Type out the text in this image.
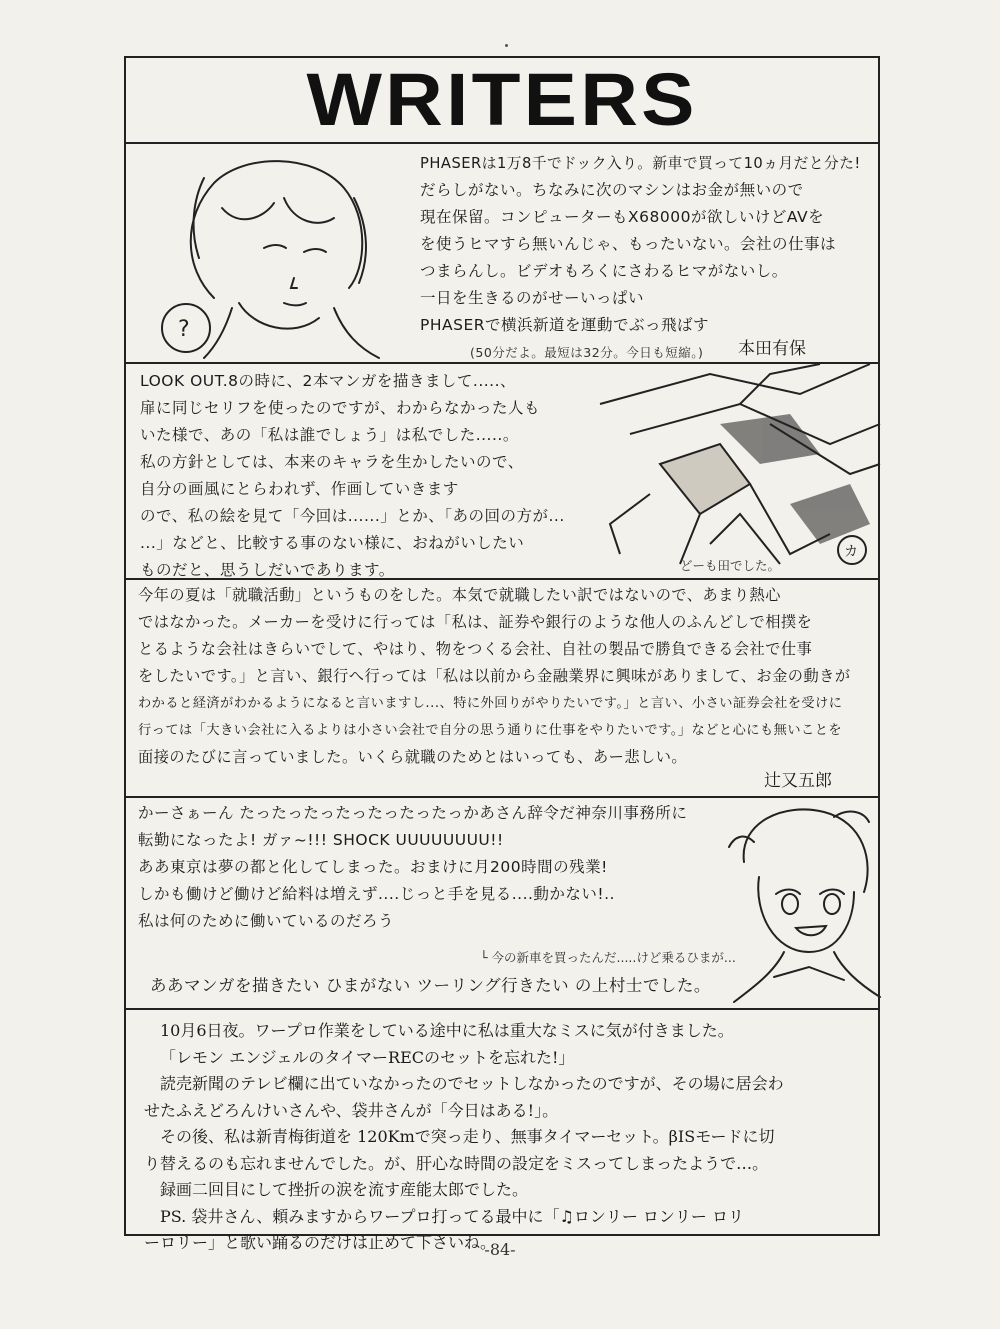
WRITERS
?
PHASERは1万8千でドック入り。新車で買って10ヵ月だと分た!
だらしがない。ちなみに次のマシンはお金が無いので
現在保留。コンピューターもX68000が欲しいけどAVを
を使うヒマすら無いんじゃ、もったいない。会社の仕事は
つまらんし。ビデオもろくにさわるヒマがないし。
一日を生きるのがせーいっぱい
PHASERで横浜新道を運動でぶっ飛ばす
(50分だよ。最短は32分。今日も短縮。)	本田有保
カ
LOOK OUT.8の時に、2本マンガを描きまして.....、
扉に同じセリフを使ったのですが、わからなかった人も
いた様で、あの「私は誰でしょう」は私でした.....。
私の方針としては、本来のキャラを生かしたいので、
自分の画風にとらわれず、作画していきます
ので、私の絵を見て「今回は......」とか、「あの回の方が...
...」などと、比較する事のない様に、おねがいしたい
ものだと、思うしだいであります。	どーも田でした。
今年の夏は「就職活動」というものをした。本気で就職したい訳ではないので、あまり熱心
ではなかった。メーカーを受けに行っては「私は、証券や銀行のような他人のふんどしで相撲を
とるような会社はきらいでして、やはり、物をつくる会社、自社の製品で勝負できる会社で仕事
をしたいです。」と言い、銀行へ行っては「私は以前から金融業界に興味がありまして、お金の動きが
わかると経済がわかるようになると言いますし...、特に外回りがやりたいです。」と言い、小さい証券会社を受けに
行っては「大きい会社に入るよりは小さい会社で自分の思う通りに仕事をやりたいです。」などと心にも無いことを
面接のたびに言っていました。いくら就職のためとはいっても、あー悲しい。
辻又五郎
かーさぁーん たったったったったったったっかあさん辞令だ神奈川事務所に
転勤になったよ! ガァ~!!! SHOCK UUUUUUUU!!
ああ東京は夢の都と化してしまった。おまけに月200時間の残業!
しかも働けど働けど給料は増えず....じっと手を見る....動かない!..
私は何のために働いているのだろう
└ 今の新車を買ったんだ.....けど乗るひまが...
ああマンガを描きたい ひまがない ツーリング行きたい の上村士でした。

10月6日夜。ワープロ作業をしている途中に私は重大なミスに気が付きました。

「レモン エンジェルのタイマーRECのセットを忘れた!」

読売新聞のテレビ欄に出ていなかったのでセットしなかったのですが、その場に居会わ

せたふえどろんけいさんや、袋井さんが「今日はある!」。

その後、私は新青梅街道を 120Kmで突っ走り、無事タイマーセット。βISモードに切

り替えるのも忘れませんでした。が、肝心な時間の設定をミスってしまったようで…。

録画二回目にして挫折の涙を流す産能太郎でした。

PS. 袋井さん、頼みますからワープロ打ってる最中に「♫ロンリー ロンリー ロリ

ーロリー」と歌い踊るのだけは止めて下さいね。

-84-
